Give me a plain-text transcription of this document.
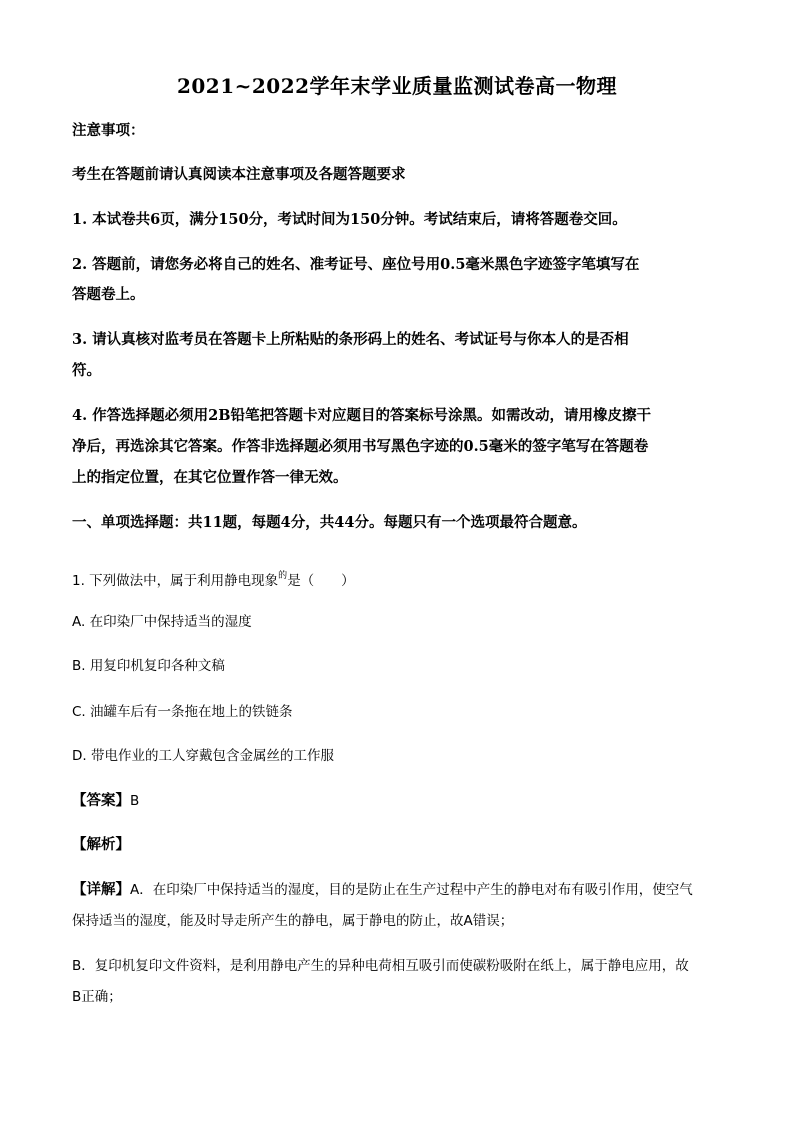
2021~2022学年末学业质量监测试卷高一物理
注意事项：
考生在答题前请认真阅读本注意事项及各题答题要求
1. 本试卷共6页，满分150分，考试时间为150分钟。考试结束后，请将答题卷交回。
2. 答题前，请您务必将自己的姓名、准考证号、座位号用0.5毫米黑色字迹签字笔填写在
答题卷上。
3. 请认真核对监考员在答题卡上所粘贴的条形码上的姓名、考试证号与你本人的是否相
符。
4. 作答选择题必须用2B铅笔把答题卡对应题目的答案标号涂黑。如需改动，请用橡皮擦干
净后，再选涂其它答案。作答非选择题必须用书写黑色字迹的0.5毫米的签字笔写在答题卷
上的指定位置，在其它位置作答一律无效。
一、单项选择题：共11题，每题4分，共44分。每题只有一个选项最符合题意。
1. 下列做法中，属于利用静电现象$^的$是（　　）
A. 在印染厂中保持适当的湿度
B. 用复印机复印各种文稿
C. 油罐车后有一条拖在地上的铁链条
D. 带电作业的工人穿戴包含金属丝的工作服
【答案】B
【解析】
【详解】A．在印染厂中保持适当的湿度，目的是防止在生产过程中产生的静电对布有吸引作用，使空气
保持适当的湿度，能及时导走所产生的静电，属于静电的防止，故A错误；
B．复印机复印文件资料，是利用静电产生的异种电荷相互吸引而使碳粉吸附在纸上，属于静电应用，故
B正确；
